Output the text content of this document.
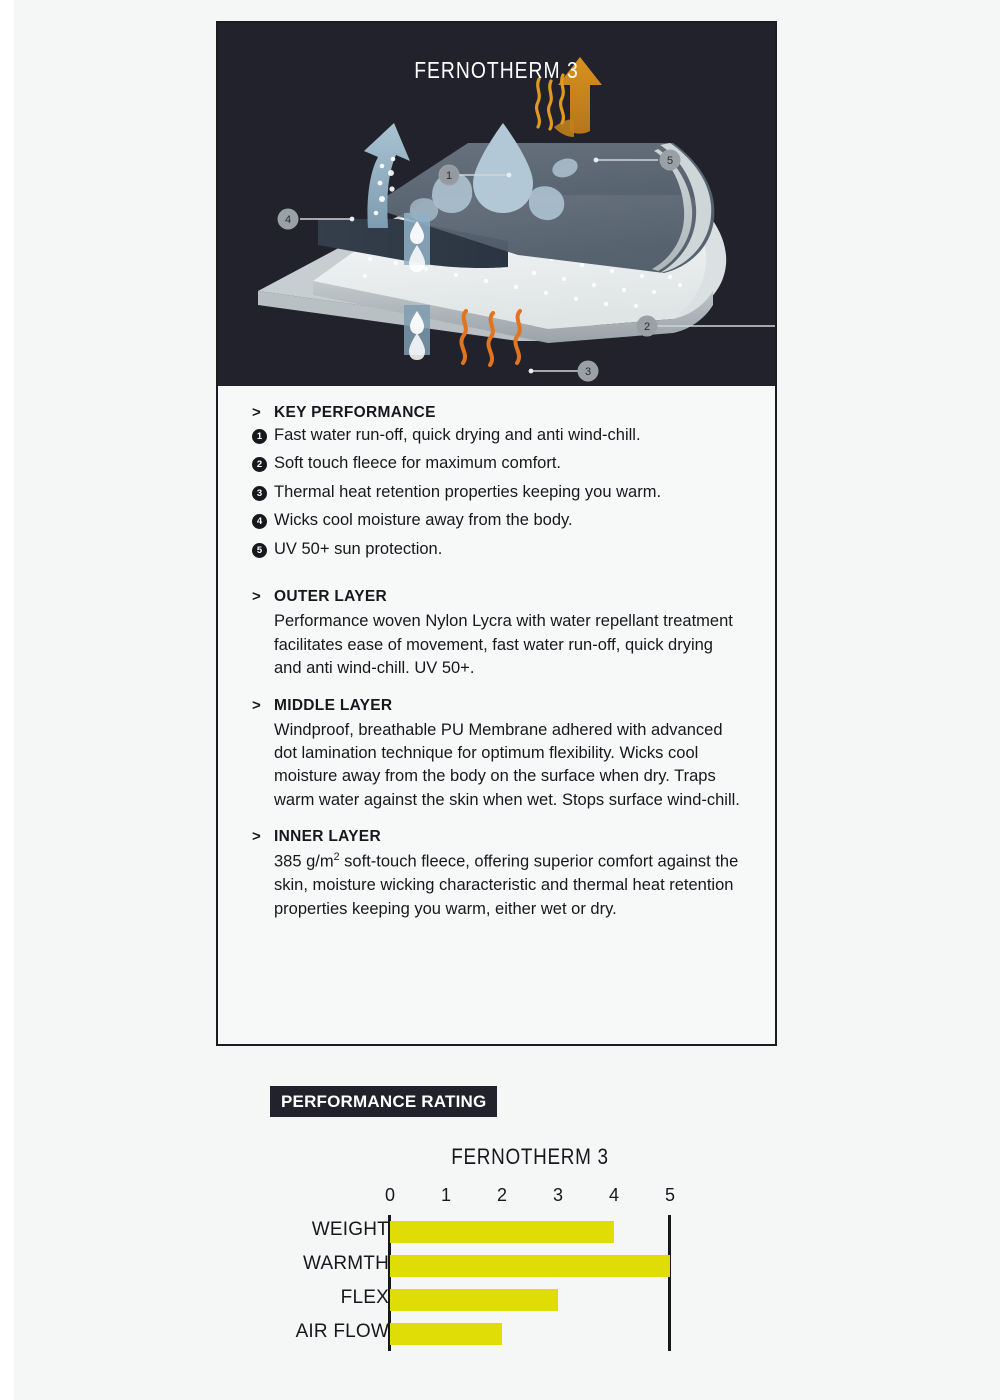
1
3
4
5
2
FERNOTHERM 3
> KEY PERFORMANCE
1 Fast water run-off, quick drying and anti wind-chill.
2 Soft touch fleece for maximum comfort.
3 Thermal heat retention properties keeping you warm.
4 Wicks cool moisture away from the body.
5 UV 50+ sun protection.
> OUTER LAYER
Performance woven Nylon Lycra with water repellant treatment facilitates ease of movement, fast water run-off, quick drying and anti wind-chill. UV 50+.
> MIDDLE LAYER
Windproof, breathable PU Membrane adhered with advanced dot lamination technique for optimum flexibility. Wicks cool moisture away from the body on the surface when dry. Traps warm water against the skin when wet. Stops surface wind-chill.
> INNER LAYER
385 $g/m^2$ soft-touch fleece, offering superior comfort against the skin, moisture wicking characteristic and thermal heat retention properties keeping you warm, either wet or dry.
PERFORMANCE RATING
FERNOTHERM 3
0	1	2	3	4	5
WEIGHT
WARMTH
FLEX
AIR FLOW
